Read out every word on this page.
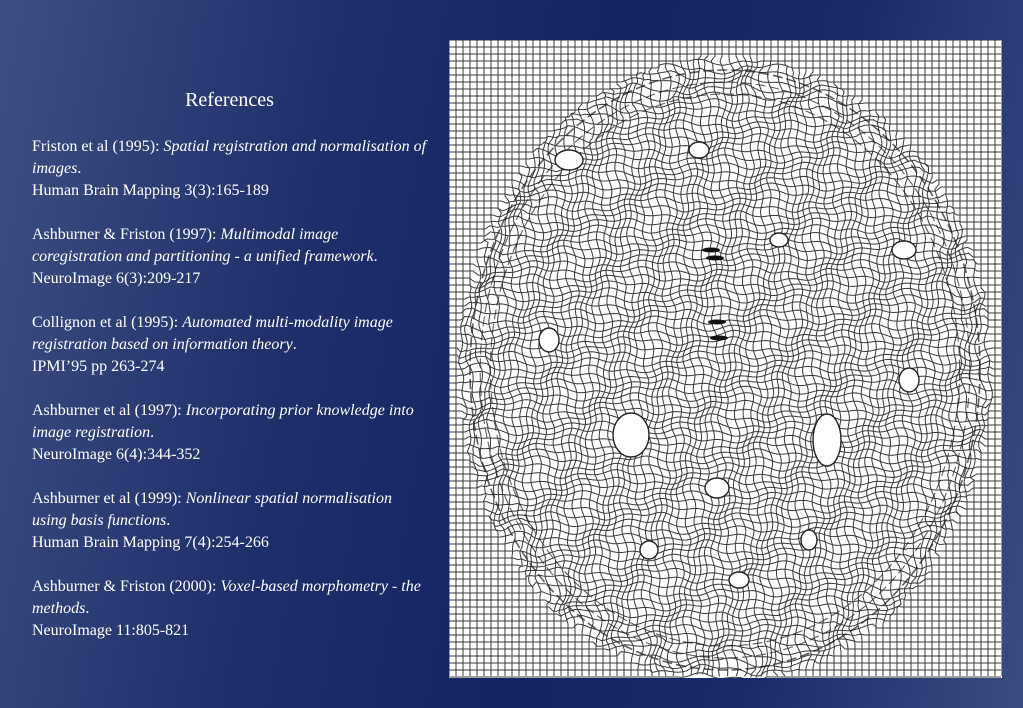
References
Friston et al (1995): Spatial registration and normalisation of images.
Human Brain Mapping 3(3):165-189
Ashburner & Friston (1997): Multimodal image coregistration and partitioning - a unified framework.
NeuroImage 6(3):209-217
Collignon et al (1995): Automated multi-modality image registration based on information theory.
IPMI’95 pp 263-274
Ashburner et al (1997): Incorporating prior knowledge into image registration.
NeuroImage 6(4):344-352
Ashburner et al (1999): Nonlinear spatial normalisation using basis functions.
Human Brain Mapping 7(4):254-266
Ashburner & Friston (2000): Voxel-based morphometry - the methods.
NeuroImage 11:805-821
